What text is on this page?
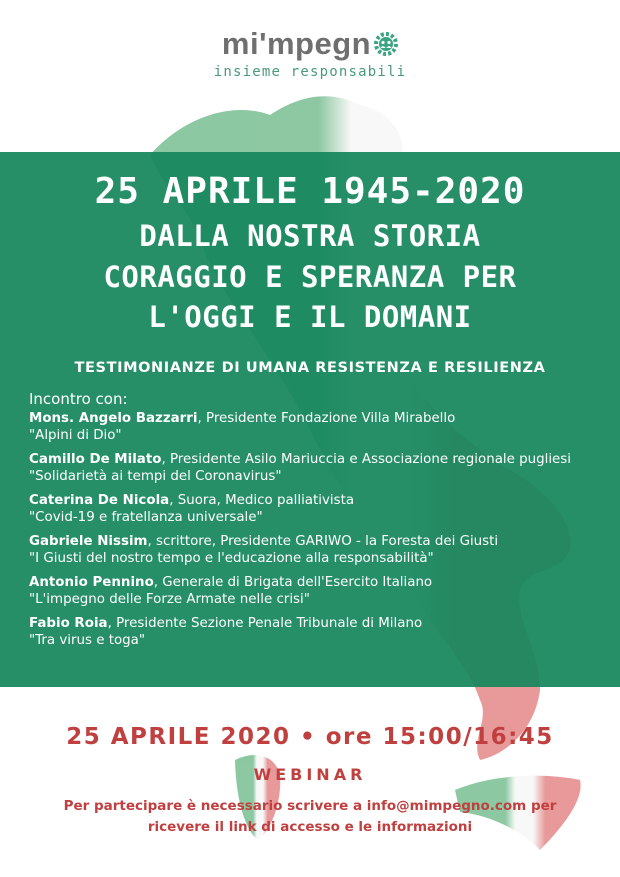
mi'mpegn
insieme responsabili
25 APRILE 1945-2020
DALLA NOSTRA STORIA
CORAGGIO E SPERANZA PER
L'OGGI E IL DOMANI
TESTIMONIANZE DI UMANA RESISTENZA E RESILIENZA
Incontro con:
Mons. Angelo Bazzarri, Presidente Fondazione Villa Mirabello
"Alpini di Dio"
Camillo De Milato, Presidente Asilo Mariuccia e Associazione regionale pugliesi
"Solidarietà ai tempi del Coronavirus"
Caterina De Nicola, Suora, Medico palliativista
"Covid-19 e fratellanza universale"
Gabriele Nissim, scrittore, Presidente GARIWO - la Foresta dei Giusti
"I Giusti del nostro tempo e l'educazione alla responsabilità"
Antonio Pennino, Generale di Brigata dell'Esercito Italiano
"L'impegno delle Forze Armate nelle crisi"
Fabio Roia, Presidente Sezione Penale Tribunale di Milano
"Tra virus e toga"
25 APRILE 2020 • ore 15:00/16:45
WEBINAR
Per partecipare è necessario scrivere a info@mimpegno.com per ricevere il link di accesso e le informazioni
